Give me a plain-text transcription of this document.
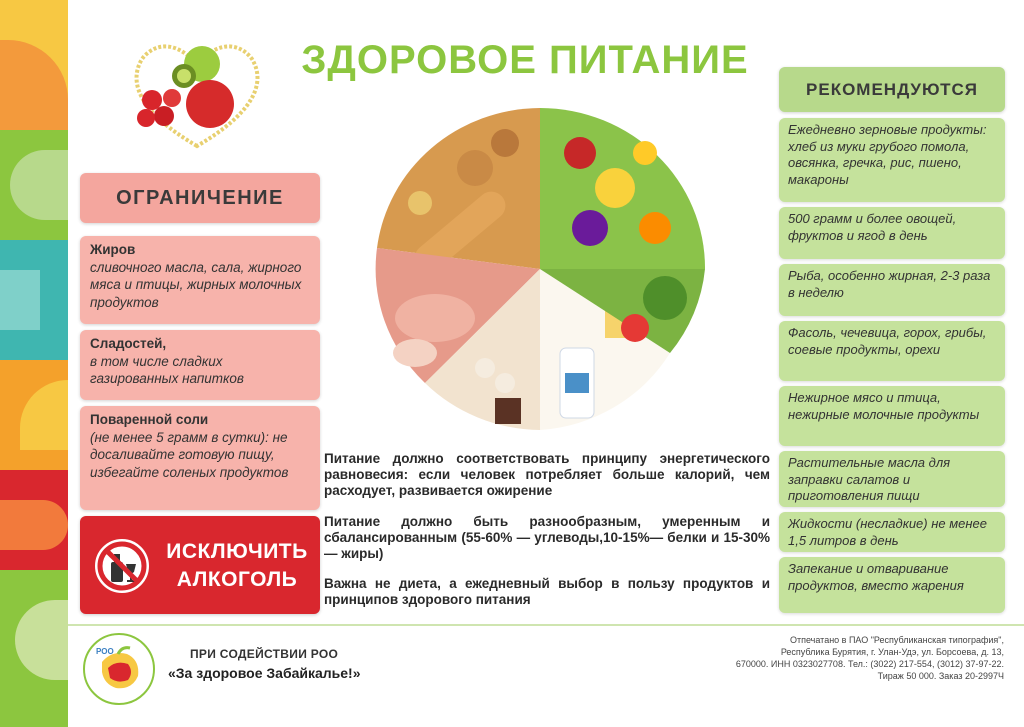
ЗДОРОВОЕ ПИТАНИЕ
ОГРАНИЧЕНИЕ
Жиров
сливочного масла, сала, жирного мяса и птицы, жирных молочных продуктов
Сладостей,
в том числе сладких газированных напитков
Поваренной соли
(не менее 5 грамм в сутки): не досаливайте готовую пищу, избегайте соленых продуктов
ИСКЛЮЧИТЬ
АЛКОГОЛЬ
Питание должно соответствовать принципу энергетического равновесия: если человек потребляет больше калорий, чем расходует, развивается ожирение
Питание должно быть разнообразным, умеренным и сбалансированным (55-60% — углеводы,10-15%— белки и 15-30% — жиры)
Важна не диета, а ежедневный выбор в пользу продуктов и принципов здорового питания
РЕКОМЕНДУЮТСЯ
Ежедневно зерновые продукты: хлеб из муки грубого помола, овсянка, гречка, рис, пшено, макароны
500 грамм и более овощей, фруктов и ягод в день
Рыба, особенно жирная, 2-3 раза в неделю
Фасоль, чечевица, горох, грибы, соевые продукты, орехи
Нежирное мясо и птица, нежирные молочные продукты
Растительные масла для заправки салатов и приготовления пищи
Жидкости (несладкие) не менее 1,5 литров в день
Запекание и отваривание продуктов, вместо жарения
РОО	ПРИ СОДЕЙСТВИИ РОО
«За здоровое Забайкалье!»
Отпечатано в ПАО "Республиканская типография",
Республика Бурятия, г. Улан-Удэ, ул. Борсоева, д. 13,
670000. ИНН 0323027708. Тел.: (3022) 217-554, (3012) 37-97-22.
Тираж 50 000. Заказ 20-2997Ч
